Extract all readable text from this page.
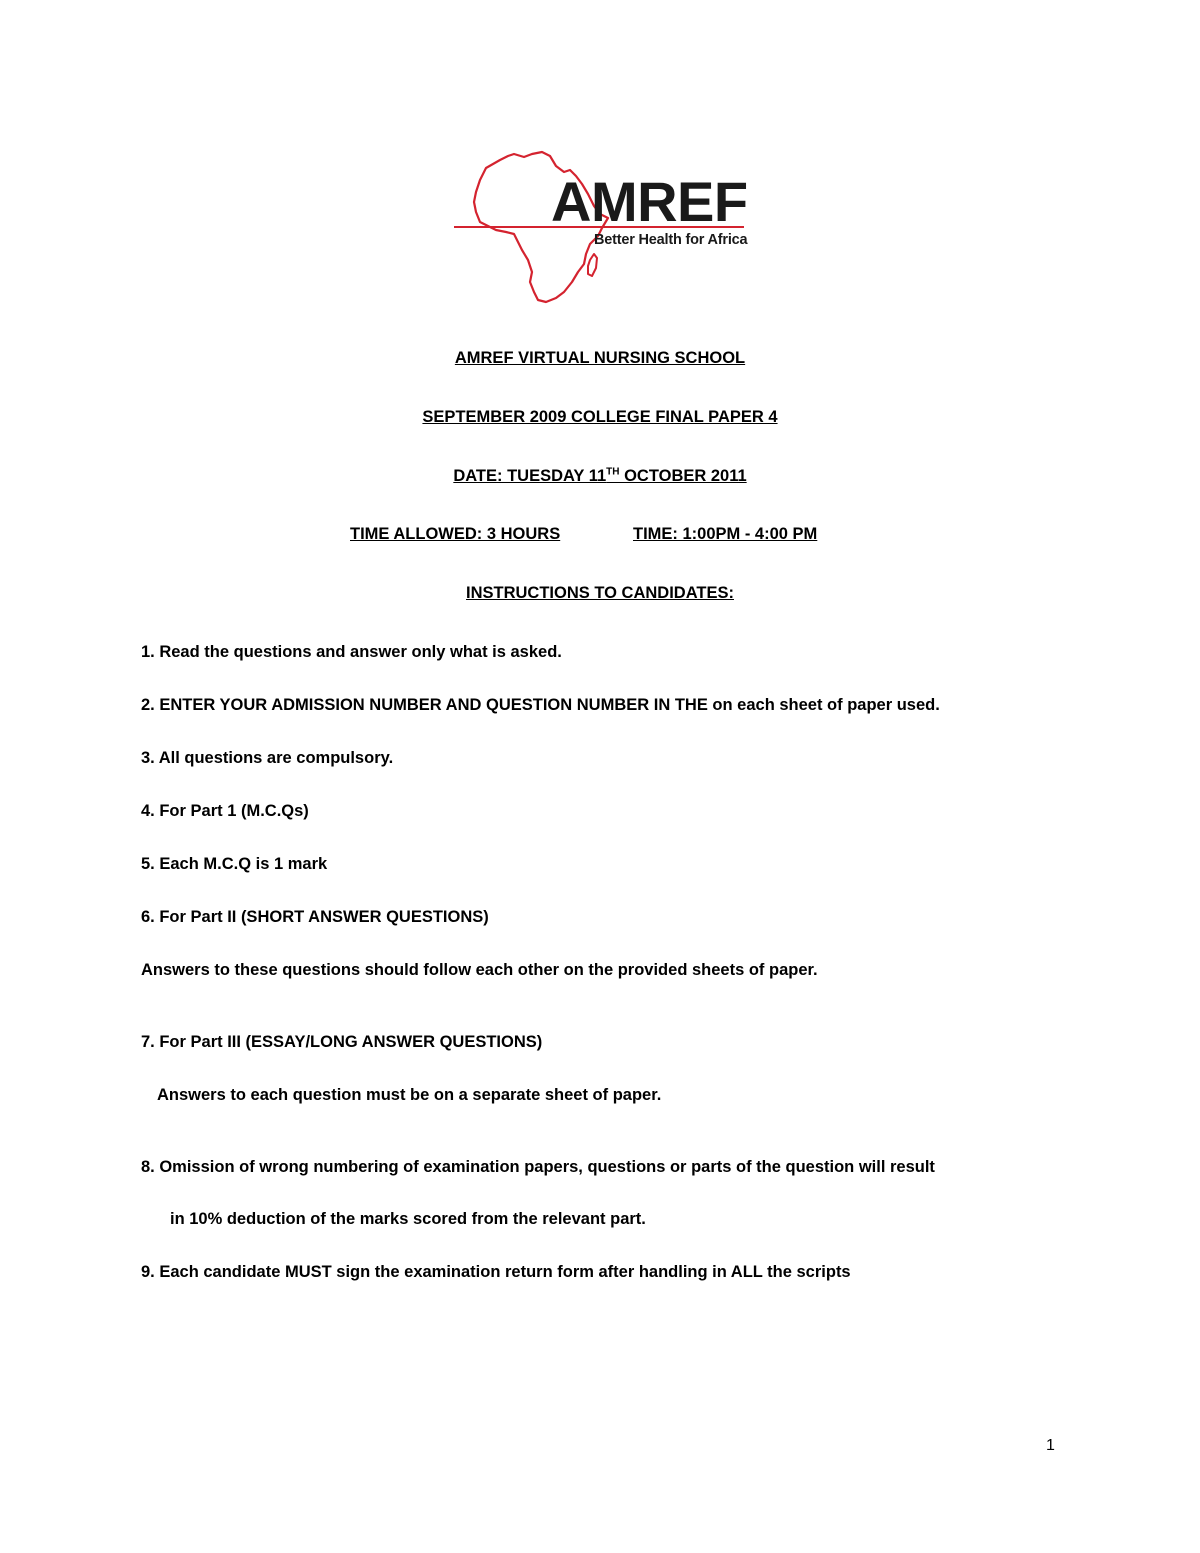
AMREF
Better Health for Africa
AMREF VIRTUAL NURSING SCHOOL
SEPTEMBER 2009 COLLEGE FINAL PAPER 4
DATE: TUESDAY 11TH OCTOBER 2011
TIME ALLOWED: 3 HOURS	TIME: 1:00PM - 4:00 PM
INSTRUCTIONS TO CANDIDATES:
1. Read the questions and answer only what is asked.
2. ENTER YOUR ADMISSION NUMBER AND QUESTION NUMBER IN THE on each sheet of paper used.
3. All questions are compulsory.
4. For Part 1 (M.C.Qs)
5. Each M.C.Q is 1 mark
6. For Part II (SHORT ANSWER QUESTIONS)
Answers to these questions should follow each other on the provided sheets of paper.
7. For Part III (ESSAY/LONG ANSWER QUESTIONS)
Answers to each question must be on a separate sheet of paper.
8. Omission of wrong numbering of examination papers, questions or parts of the question will result
in 10% deduction of the marks scored from the relevant part.
9. Each candidate MUST sign the examination return form after handling in ALL the scripts
1
